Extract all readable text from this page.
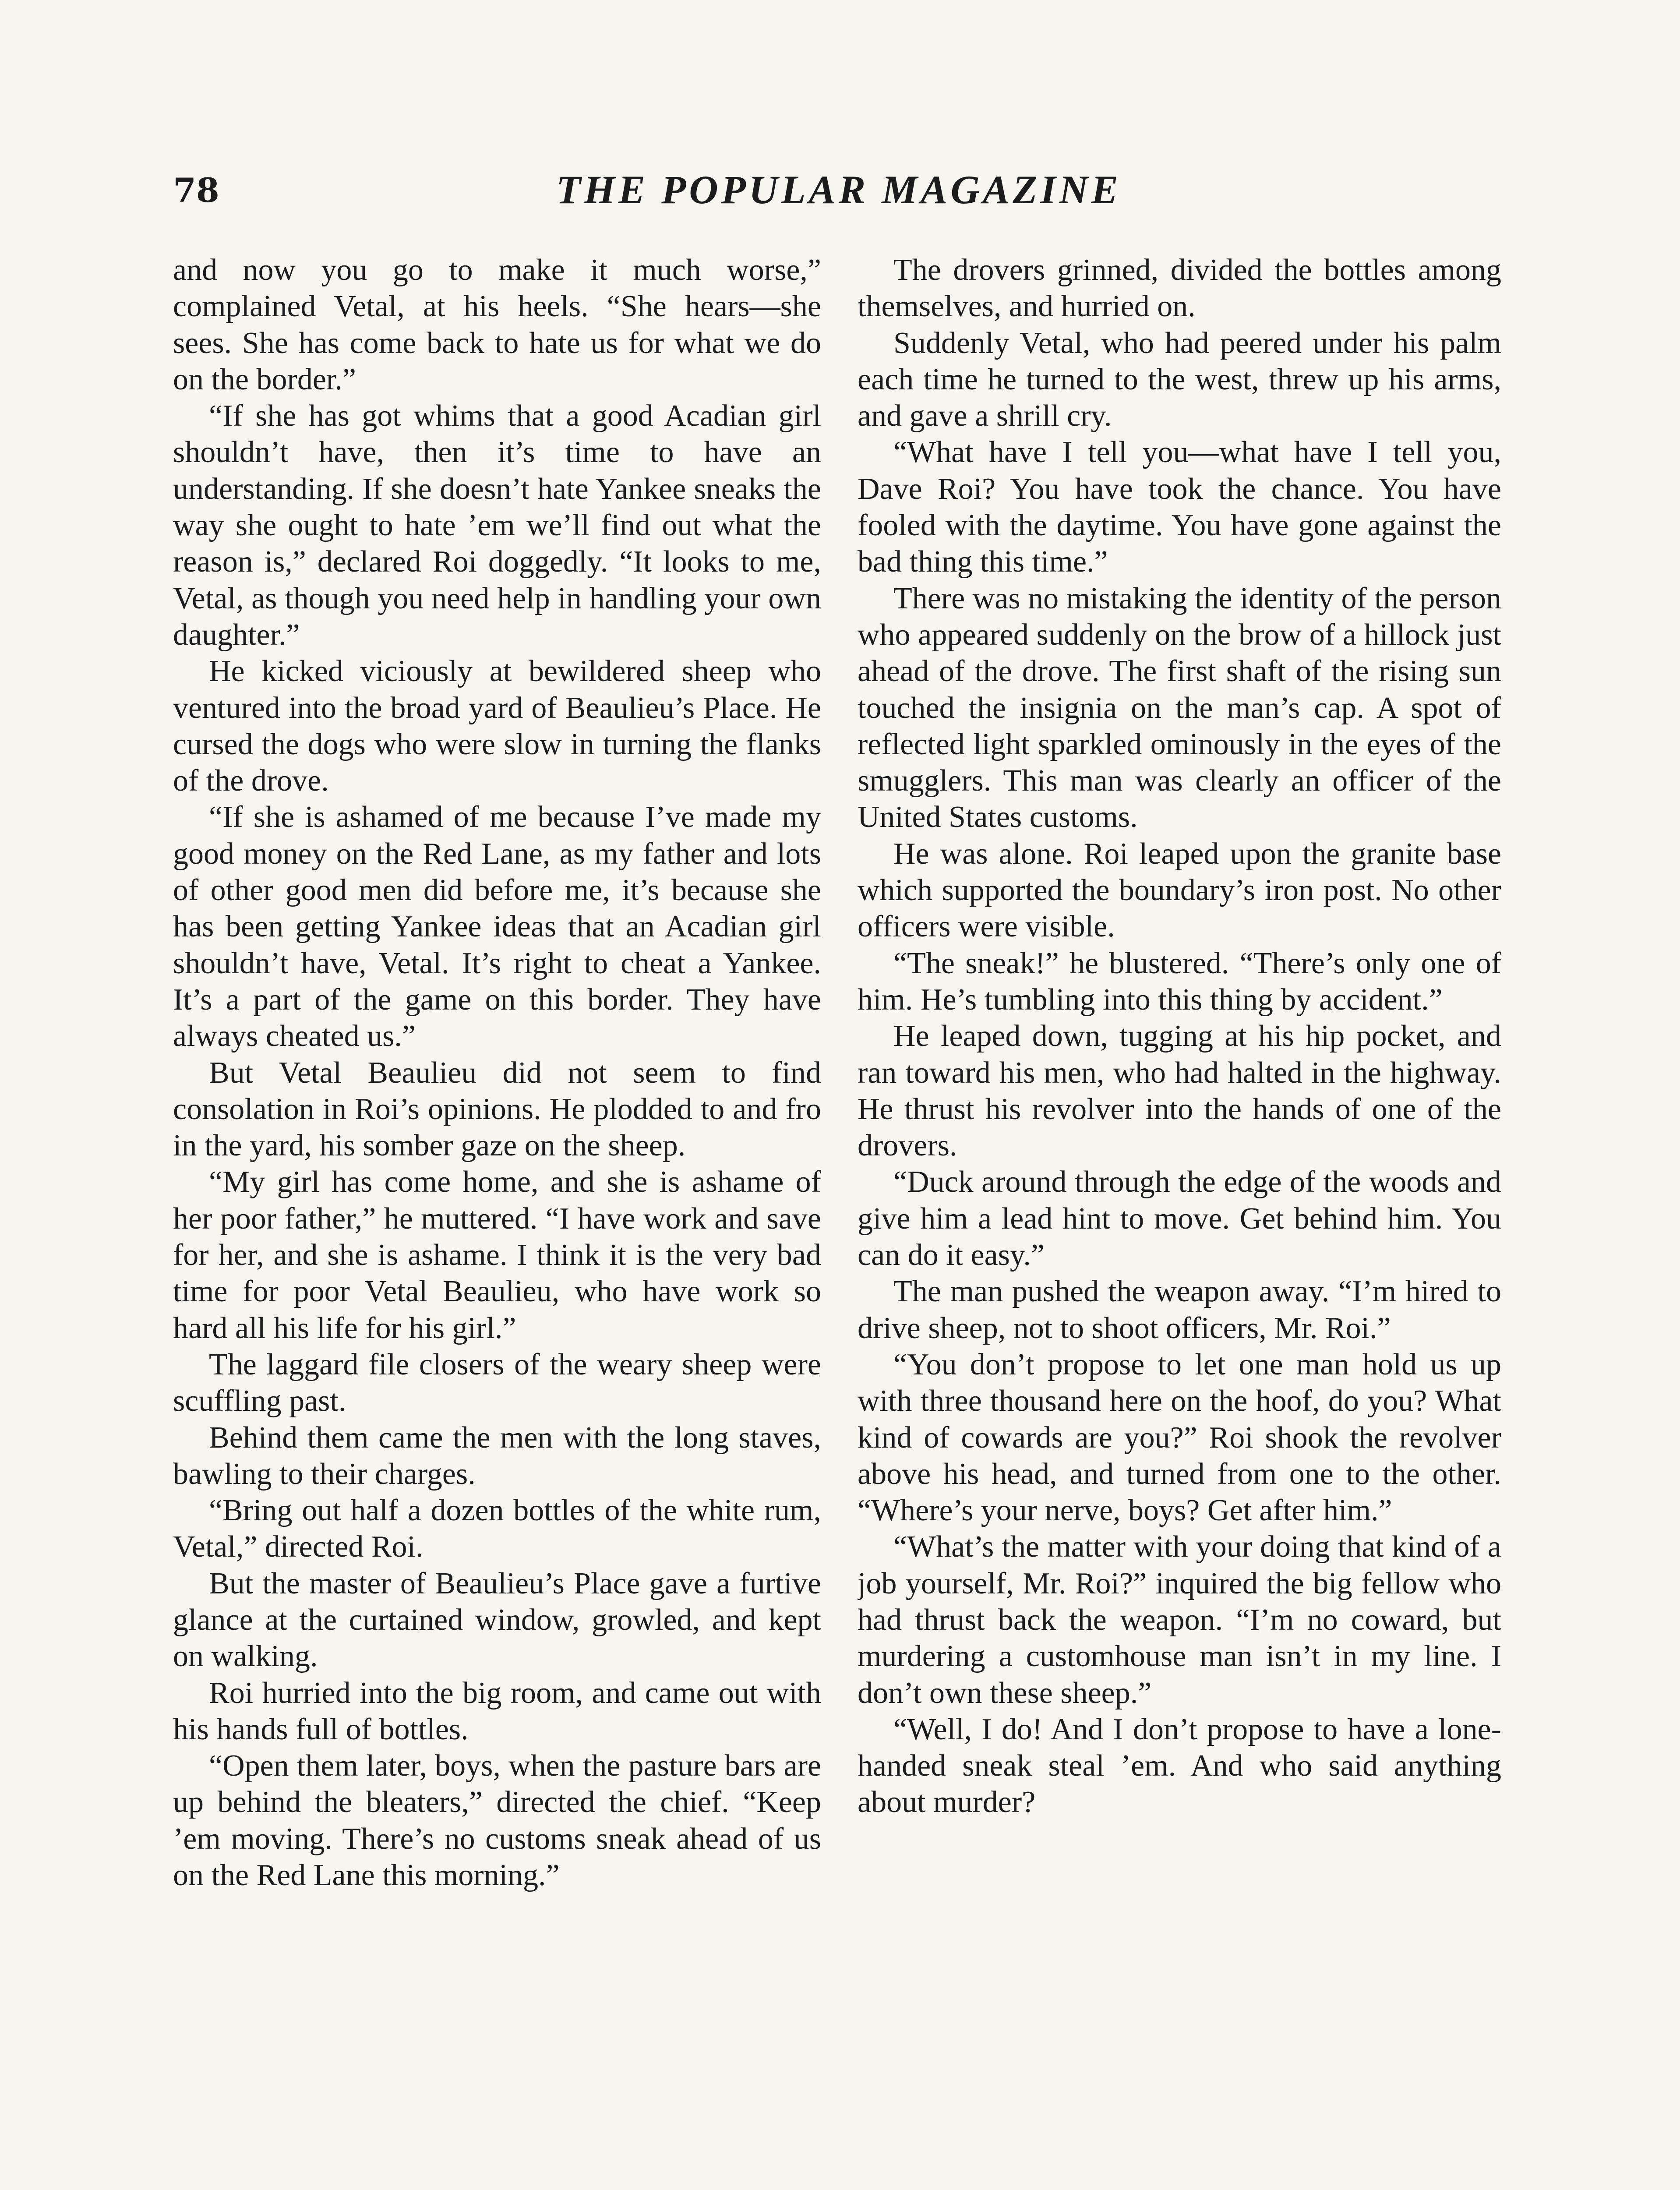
78	THE POPULAR MAGAZINE

and now you go to make it much worse,” complained Vetal, at his heels. “She hears—she sees. She has come back to hate us for what we do on the border.”

“If she has got whims that a good Acadian girl shouldn’t have, then it’s time to have an understanding. If she doesn’t hate Yankee sneaks the way she ought to hate ’em we’ll find out what the reason is,” declared Roi doggedly. “It looks to me, Vetal, as though you need help in handling your own daughter.”

He kicked viciously at bewildered sheep who ventured into the broad yard of Beaulieu’s Place. He cursed the dogs who were slow in turning the flanks of the drove.

“If she is ashamed of me because I’ve made my good money on the Red Lane, as my father and lots of other good men did before me, it’s because she has been getting Yankee ideas that an Acadian girl shouldn’t have, Vetal. It’s right to cheat a Yankee. It’s a part of the game on this border. They have always cheated us.”

But Vetal Beaulieu did not seem to find consolation in Roi’s opinions. He plodded to and fro in the yard, his somber gaze on the sheep.

“My girl has come home, and she is ashame of her poor father,” he muttered. “I have work and save for her, and she is ashame. I think it is the very bad time for poor Vetal Beaulieu, who have work so hard all his life for his girl.”

The laggard file closers of the weary sheep were scuffling past.

Behind them came the men with the long staves, bawling to their charges.

“Bring out half a dozen bottles of the white rum, Vetal,” directed Roi.

But the master of Beaulieu’s Place gave a furtive glance at the curtained window, growled, and kept on walking.

Roi hurried into the big room, and came out with his hands full of bottles.

“Open them later, boys, when the pasture bars are up behind the bleaters,” directed the chief. “Keep ’em moving. There’s no customs sneak ahead of us on the Red Lane this morning.”

The drovers grinned, divided the bottles among themselves, and hurried on.

Suddenly Vetal, who had peered under his palm each time he turned to the west, threw up his arms, and gave a shrill cry.

“What have I tell you—what have I tell you, Dave Roi? You have took the chance. You have fooled with the daytime. You have gone against the bad thing this time.”

There was no mistaking the identity of the person who appeared suddenly on the brow of a hillock just ahead of the drove. The first shaft of the rising sun touched the insignia on the man’s cap. A spot of reflected light sparkled ominously in the eyes of the smugglers. This man was clearly an officer of the United States customs.

He was alone. Roi leaped upon the granite base which supported the boundary’s iron post. No other officers were visible.

“The sneak!” he blustered. “There’s only one of him. He’s tumbling into this thing by accident.”

He leaped down, tugging at his hip pocket, and ran toward his men, who had halted in the highway. He thrust his revolver into the hands of one of the drovers.

“Duck around through the edge of the woods and give him a lead hint to move. Get behind him. You can do it easy.”

The man pushed the weapon away. “I’m hired to drive sheep, not to shoot officers, Mr. Roi.”

“You don’t propose to let one man hold us up with three thousand here on the hoof, do you? What kind of cowards are you?” Roi shook the revolver above his head, and turned from one to the other. “Where’s your nerve, boys? Get after him.”

“What’s the matter with your doing that kind of a job yourself, Mr. Roi?” inquired the big fellow who had thrust back the weapon. “I’m no coward, but murdering a customhouse man isn’t in my line. I don’t own these sheep.”

“Well, I do! And I don’t propose to have a lone-handed sneak steal ’em. And who said anything about murder?
